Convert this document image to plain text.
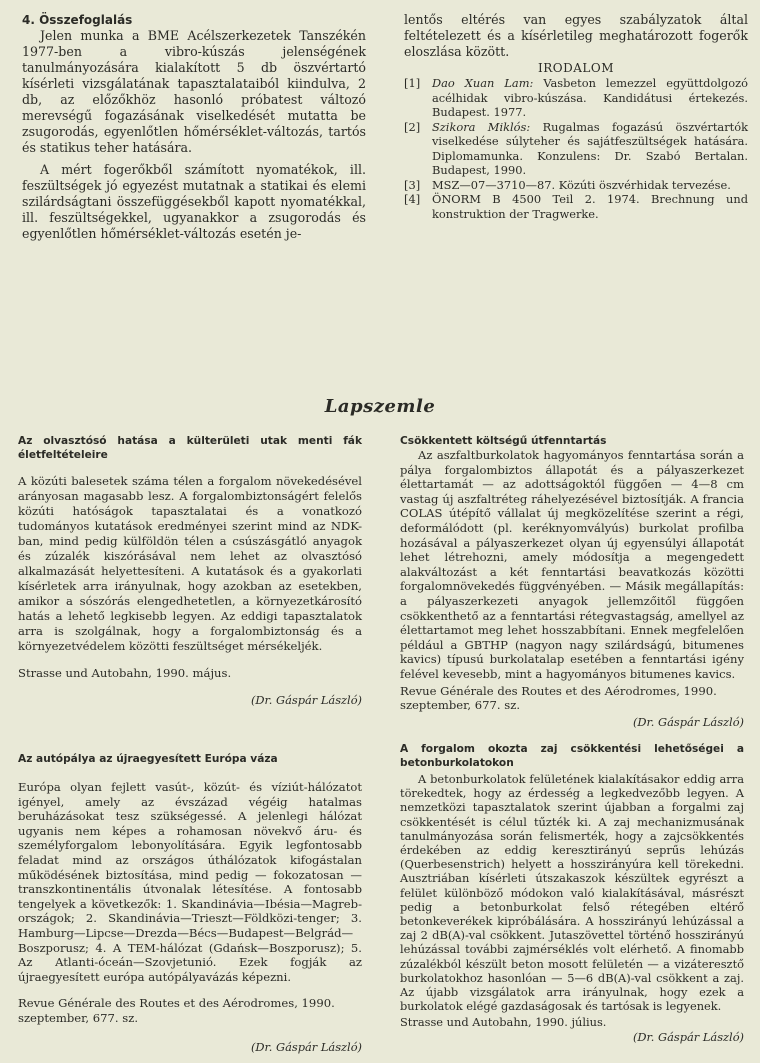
4. Összefoglalás

Jelen munka a BME Acélszerkezetek Tanszékén 1977-ben a vibro-kúszás jelenségének tanulmányozására kialakított 5 db öszvértartó kísérleti vizsgálatának tapasztalataiból kiindulva, 2 db, az előzőkhöz hasonló próbatest változó merevségű fogazásának viselkedését mutatta be zsugorodás, egyenlőtlen hőmérséklet-változás, tartós és statikus teher hatására.

A mért fogerőkből számított nyomatékok, ill. feszültségek jó egyezést mutatnak a statikai és elemi szilárdságtani összefüggésekből kapott nyomatékkal, ill. feszültségekkel, ugyanakkor a zsugorodás és egyenlőtlen hőmérséklet-változás esetén je-

lentős eltérés van egyes szabályzatok által feltételezett és a kísérletileg meghatározott fogerők eloszlása között.

IRODALOM

[1] Dao Xuan Lam: Vasbeton lemezzel együttdolgozó acélhidak vibro-kúszása. Kandidátusi értekezés. Budapest. 1977.
[2] Szikora Miklós: Rugalmas fogazású öszvértartók viselkedése súlyteher és sajátfeszültségek hatására. Diplomamunka. Konzulens: Dr. Szabó Bertalan. Budapest, 1990.
[3] MSZ—07—3710—87. Közúti öszvérhidak tervezése.
[4] ÖNORM B 4500 Teil 2. 1974. Brechnung und konstruktion der Tragwerke.
Lapszemle

Az olvasztósó hatása a külterületi utak menti fák életfeltételeire

A közúti balesetek száma télen a forgalom növekedésével arányosan magasabb lesz. A forgalombiztonságért felelős közúti hatóságok tapasztalatai és a vonatkozó tudományos kutatások eredményei szerint mind az NDK-ban, mind pedig külföldön télen a csúszásgátló anyagok és zúzalék kiszórásával nem lehet az olvasztósó alkalmazását helyettesíteni. A kutatások és a gyakorlati kísérletek arra irányulnak, hogy azokban az esetekben, amikor a sószórás elengedhetetlen, a környezetkárosító hatás a lehető legkisebb legyen. Az eddigi tapasztalatok arra is szolgálnak, hogy a forgalombiztonság és a környezetvédelem közötti feszültséget mérsékeljék.

Strasse und Autobahn, 1990. május.

(Dr. Gáspár László)

Az autópálya az újraegyesített Európa váza

Európa olyan fejlett vasút-, közút- és víziút-hálózatot igényel, amely az évszázad végéig hatalmas beruházásokat tesz szükségessé. A jelenlegi hálózat ugyanis nem képes a rohamosan növekvő áru- és személyforgalom lebonyolítására. Egyik legfontosabb feladat mind az országos úthálózatok kifogástalan működésének biztosítása, mind pedig — fokozatosan — transzkontinentális útvonalak létesítése. A fontosabb tengelyek a következők: 1. Skandinávia—Ibésia—Magreb-országok; 2. Skandinávia—Trieszt—Földközi-tenger; 3. Hamburg—Lipcse—Drezda—Bécs—Budapest—Belgrád—Boszporusz; 4. A TEM-hálózat (Gdańsk—Boszporusz); 5. Az Atlanti-óceán—Szovjetunió. Ezek fogják az újraegyesített európa autópályavázás képezni.

Revue Générale des Routes et des Aérodromes, 1990. szeptember, 677. sz.

(Dr. Gáspár László)

Csökkentett költségű útfenntartás

Az aszfaltburkolatok hagyományos fenntartása során a pálya forgalombiztos állapotát és a pályaszerkezet élettartamát — az adottságoktól függően — 4—8 cm vastag új aszfaltréteg ráhelyezésével biztosítják. A francia COLAS útépítő vállalat új megközelítése szerint a régi, deformálódott (pl. keréknyomvályús) burkolat profilba hozásával a pályaszerkezet olyan új egyensúlyi állapotát lehet létrehozni, amely módosítja a megengedett alakváltozást a két fenntartási beavatkozás közötti forgalomnövekedés függvényében. — Másik megállapítás: a pályaszerkezeti anyagok jellemzőitől függően csökkenthető az a fenntartási rétegvastagság, amellyel az élettartamot meg lehet hosszabbítani. Ennek megfelelően például a GBTHP (nagyon nagy szilárdságú, bitumenes kavics) típusú burkolatalap esetében a fenntartási igény felével kevesebb, mint a hagyományos bitumenes kavics.

Revue Générale des Routes et des Aérodromes, 1990. szeptember, 677. sz.

(Dr. Gáspár László)

A forgalom okozta zaj csökkentési lehetőségei a betonburkolatokon

A betonburkolatok felületének kialakításakor eddig arra törekedtek, hogy az érdesség a legkedvezőbb legyen. A nemzetközi tapasztalatok szerint újabban a forgalmi zaj csökkentését is célul tűzték ki. A zaj mechanizmusának tanulmányozása során felismerték, hogy a zajcsökkentés érdekében az eddig keresztirányú seprűs lehúzás (Querbesenstrich) helyett a hosszirányúra kell törekedni. Ausztriában kísérleti útszakaszok készültek egyrészt a felület különböző módokon való kialakításával, másrészt pedig a betonburkolat felső rétegében eltérő betonkeverékek kipróbálására. A hosszirányú lehúzással a zaj 2 dB(A)-val csökkent. Jutaszövettel történő hosszirányú lehúzással további zajmérséklés volt elérhető. A finomabb zúzalékból készült beton mosott felületén — a vizáteresztő burkolatokhoz hasonlóan — 5—6 dB(A)-val csökkent a zaj. Az újabb vizsgálatok arra irányulnak, hogy ezek a burkolatok elégé gazdaságosak és tartósak is legyenek.

Strasse und Autobahn, 1990. július.

(Dr. Gáspár László)
